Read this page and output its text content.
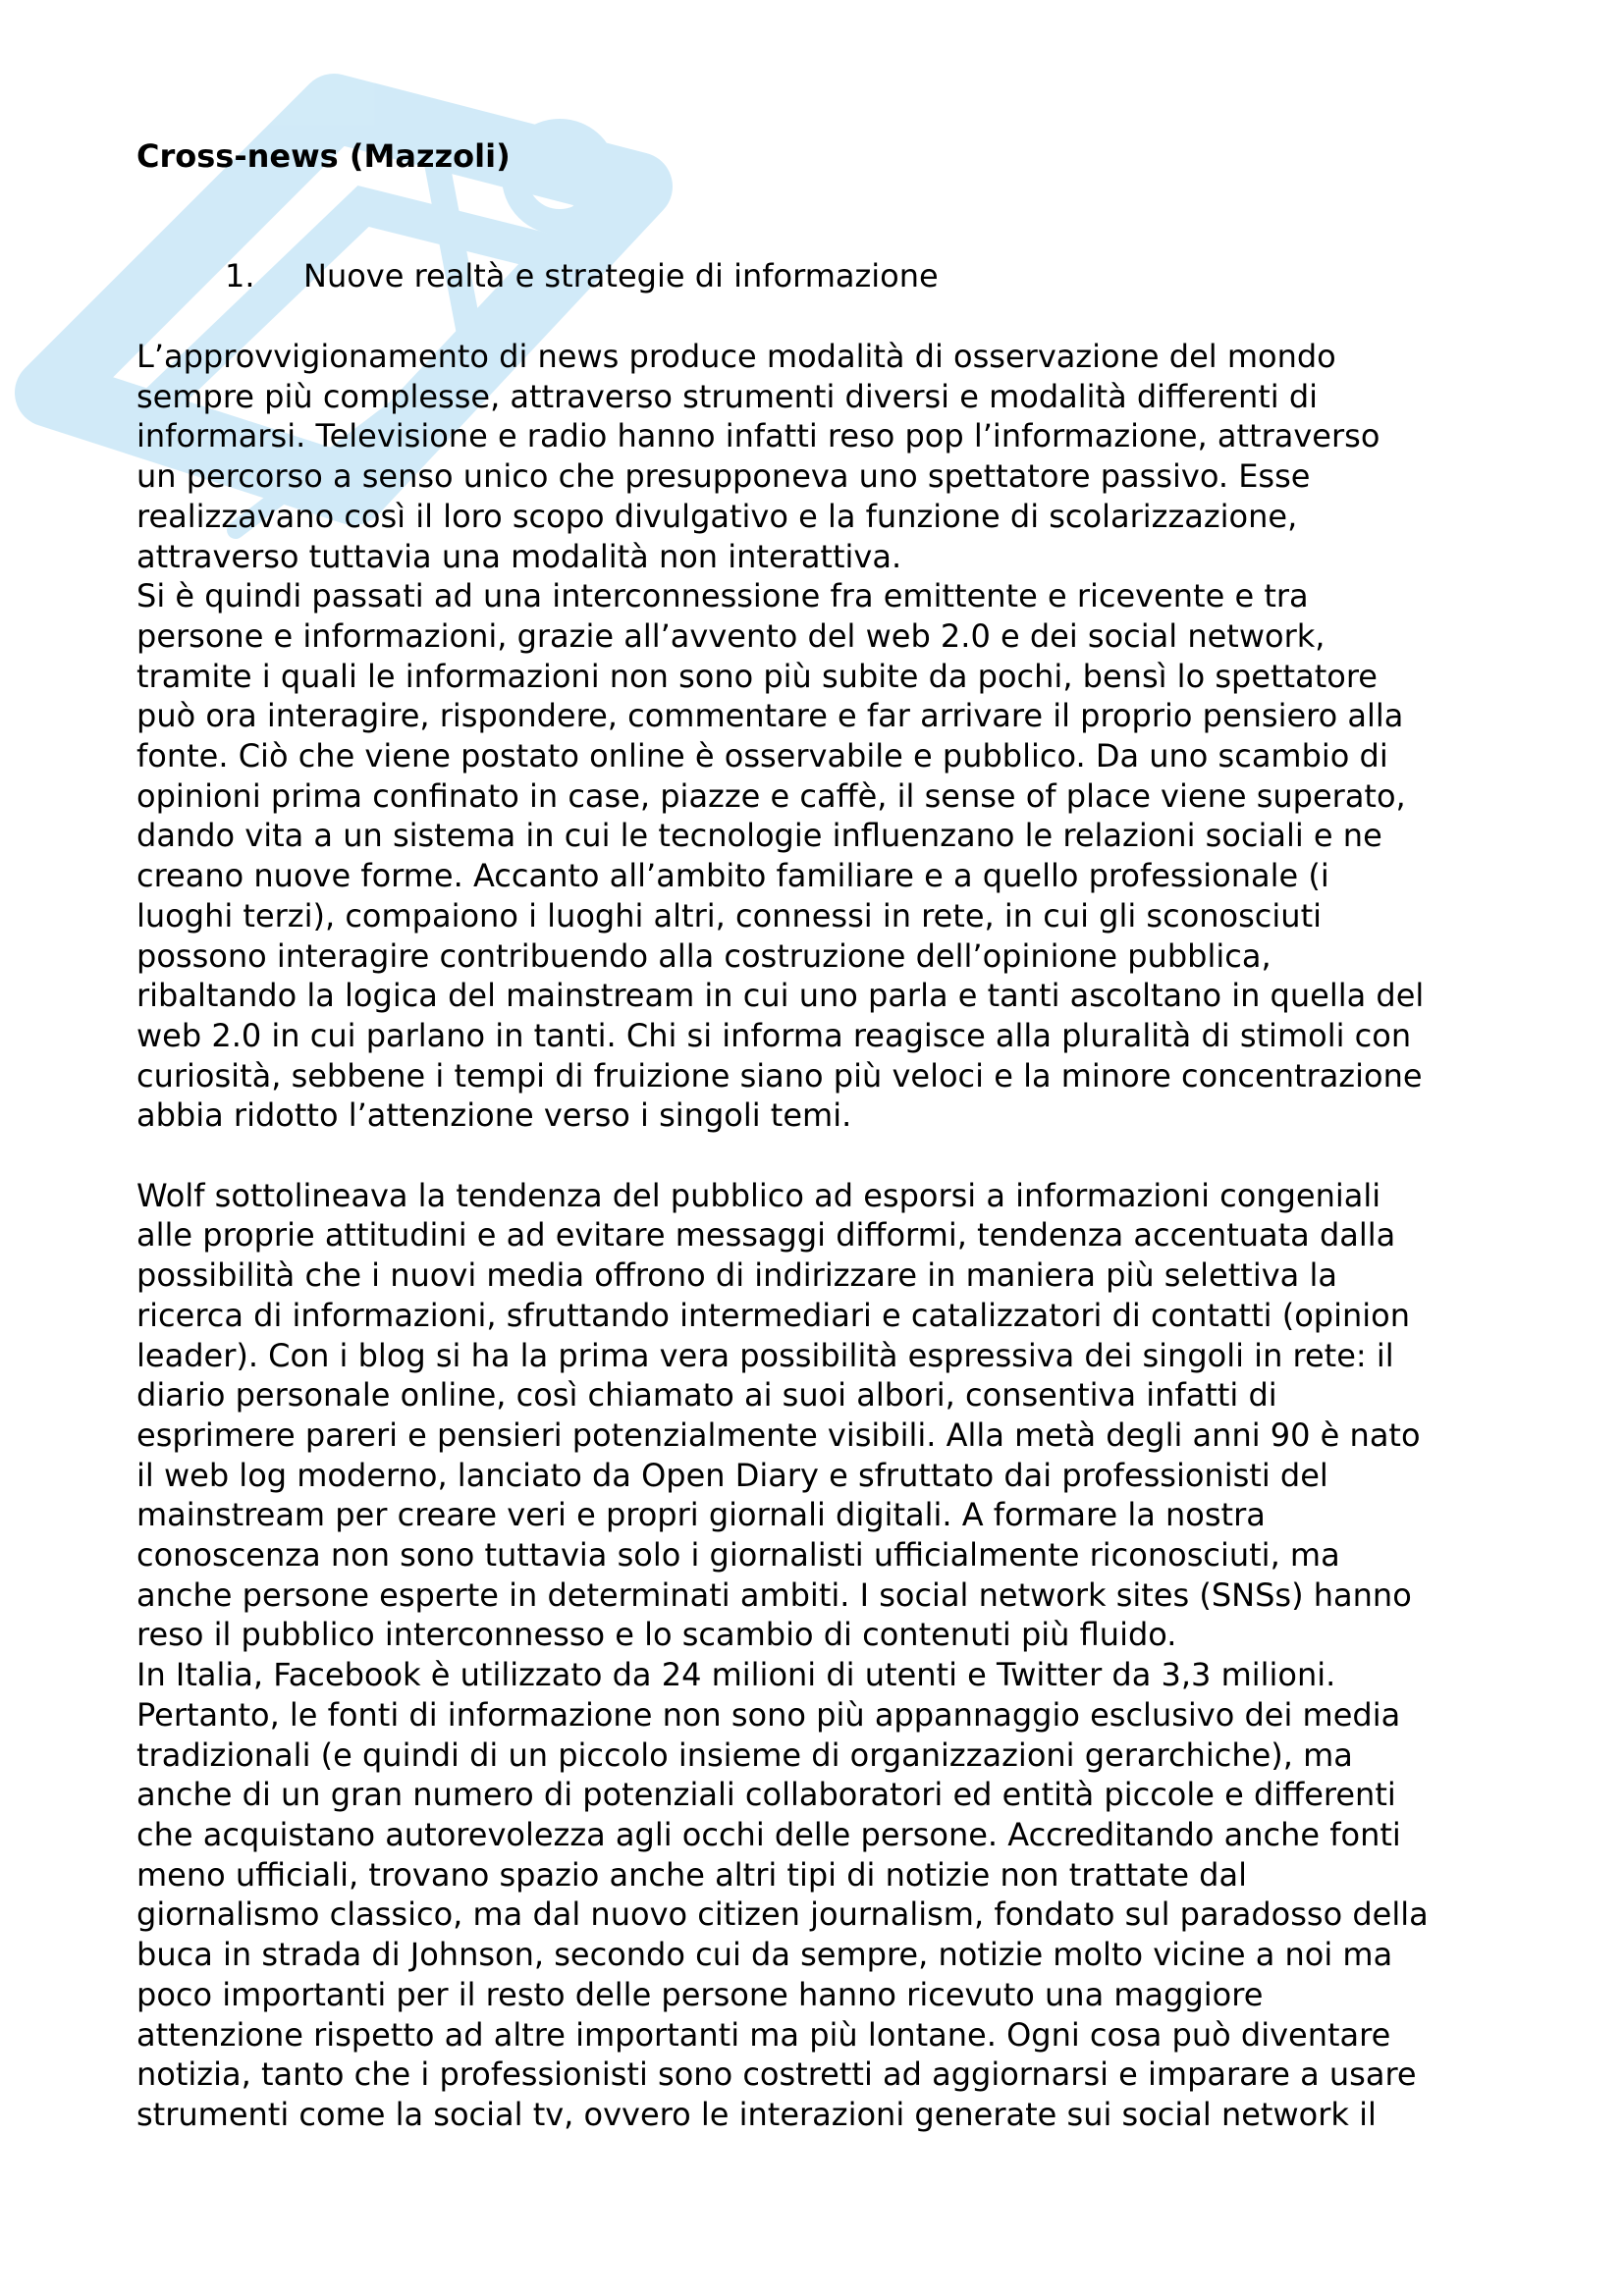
Cross-news (Mazzoli)
1. Nuove realtà e strategie di informazione
L’approvvigionamento di news produce modalità di osservazione del mondo
sempre più complesse, attraverso strumenti diversi e modalità differenti di
informarsi. Televisione e radio hanno infatti reso pop l’informazione, attraverso
un percorso a senso unico che presupponeva uno spettatore passivo. Esse
realizzavano così il loro scopo divulgativo e la funzione di scolarizzazione,
attraverso tuttavia una modalità non interattiva.
Si è quindi passati ad una interconnessione fra emittente e ricevente e tra
persone e informazioni, grazie all’avvento del web 2.0 e dei social network,
tramite i quali le informazioni non sono più subite da pochi, bensì lo spettatore
può ora interagire, rispondere, commentare e far arrivare il proprio pensiero alla
fonte. Ciò che viene postato online è osservabile e pubblico. Da uno scambio di
opinioni prima confinato in case, piazze e caffè, il sense of place viene superato,
dando vita a un sistema in cui le tecnologie influenzano le relazioni sociali e ne
creano nuove forme. Accanto all’ambito familiare e a quello professionale (i
luoghi terzi), compaiono i luoghi altri, connessi in rete, in cui gli sconosciuti
possono interagire contribuendo alla costruzione dell’opinione pubblica,
ribaltando la logica del mainstream in cui uno parla e tanti ascoltano in quella del
web 2.0 in cui parlano in tanti. Chi si informa reagisce alla pluralità di stimoli con
curiosità, sebbene i tempi di fruizione siano più veloci e la minore concentrazione
abbia ridotto l’attenzione verso i singoli temi.
Wolf sottolineava la tendenza del pubblico ad esporsi a informazioni congeniali
alle proprie attitudini e ad evitare messaggi difformi, tendenza accentuata dalla
possibilità che i nuovi media offrono di indirizzare in maniera più selettiva la
ricerca di informazioni, sfruttando intermediari e catalizzatori di contatti (opinion
leader). Con i blog si ha la prima vera possibilità espressiva dei singoli in rete: il
diario personale online, così chiamato ai suoi albori, consentiva infatti di
esprimere pareri e pensieri potenzialmente visibili. Alla metà degli anni 90 è nato
il web log moderno, lanciato da Open Diary e sfruttato dai professionisti del
mainstream per creare veri e propri giornali digitali. A formare la nostra
conoscenza non sono tuttavia solo i giornalisti ufficialmente riconosciuti, ma
anche persone esperte in determinati ambiti. I social network sites (SNSs) hanno
reso il pubblico interconnesso e lo scambio di contenuti più fluido.
In Italia, Facebook è utilizzato da 24 milioni di utenti e Twitter da 3,3 milioni.
Pertanto, le fonti di informazione non sono più appannaggio esclusivo dei media
tradizionali (e quindi di un piccolo insieme di organizzazioni gerarchiche), ma
anche di un gran numero di potenziali collaboratori ed entità piccole e differenti
che acquistano autorevolezza agli occhi delle persone. Accreditando anche fonti
meno ufficiali, trovano spazio anche altri tipi di notizie non trattate dal
giornalismo classico, ma dal nuovo citizen journalism, fondato sul paradosso della
buca in strada di Johnson, secondo cui da sempre, notizie molto vicine a noi ma
poco importanti per il resto delle persone hanno ricevuto una maggiore
attenzione rispetto ad altre importanti ma più lontane. Ogni cosa può diventare
notizia, tanto che i professionisti sono costretti ad aggiornarsi e imparare a usare
strumenti come la social tv, ovvero le interazioni generate sui social network il
